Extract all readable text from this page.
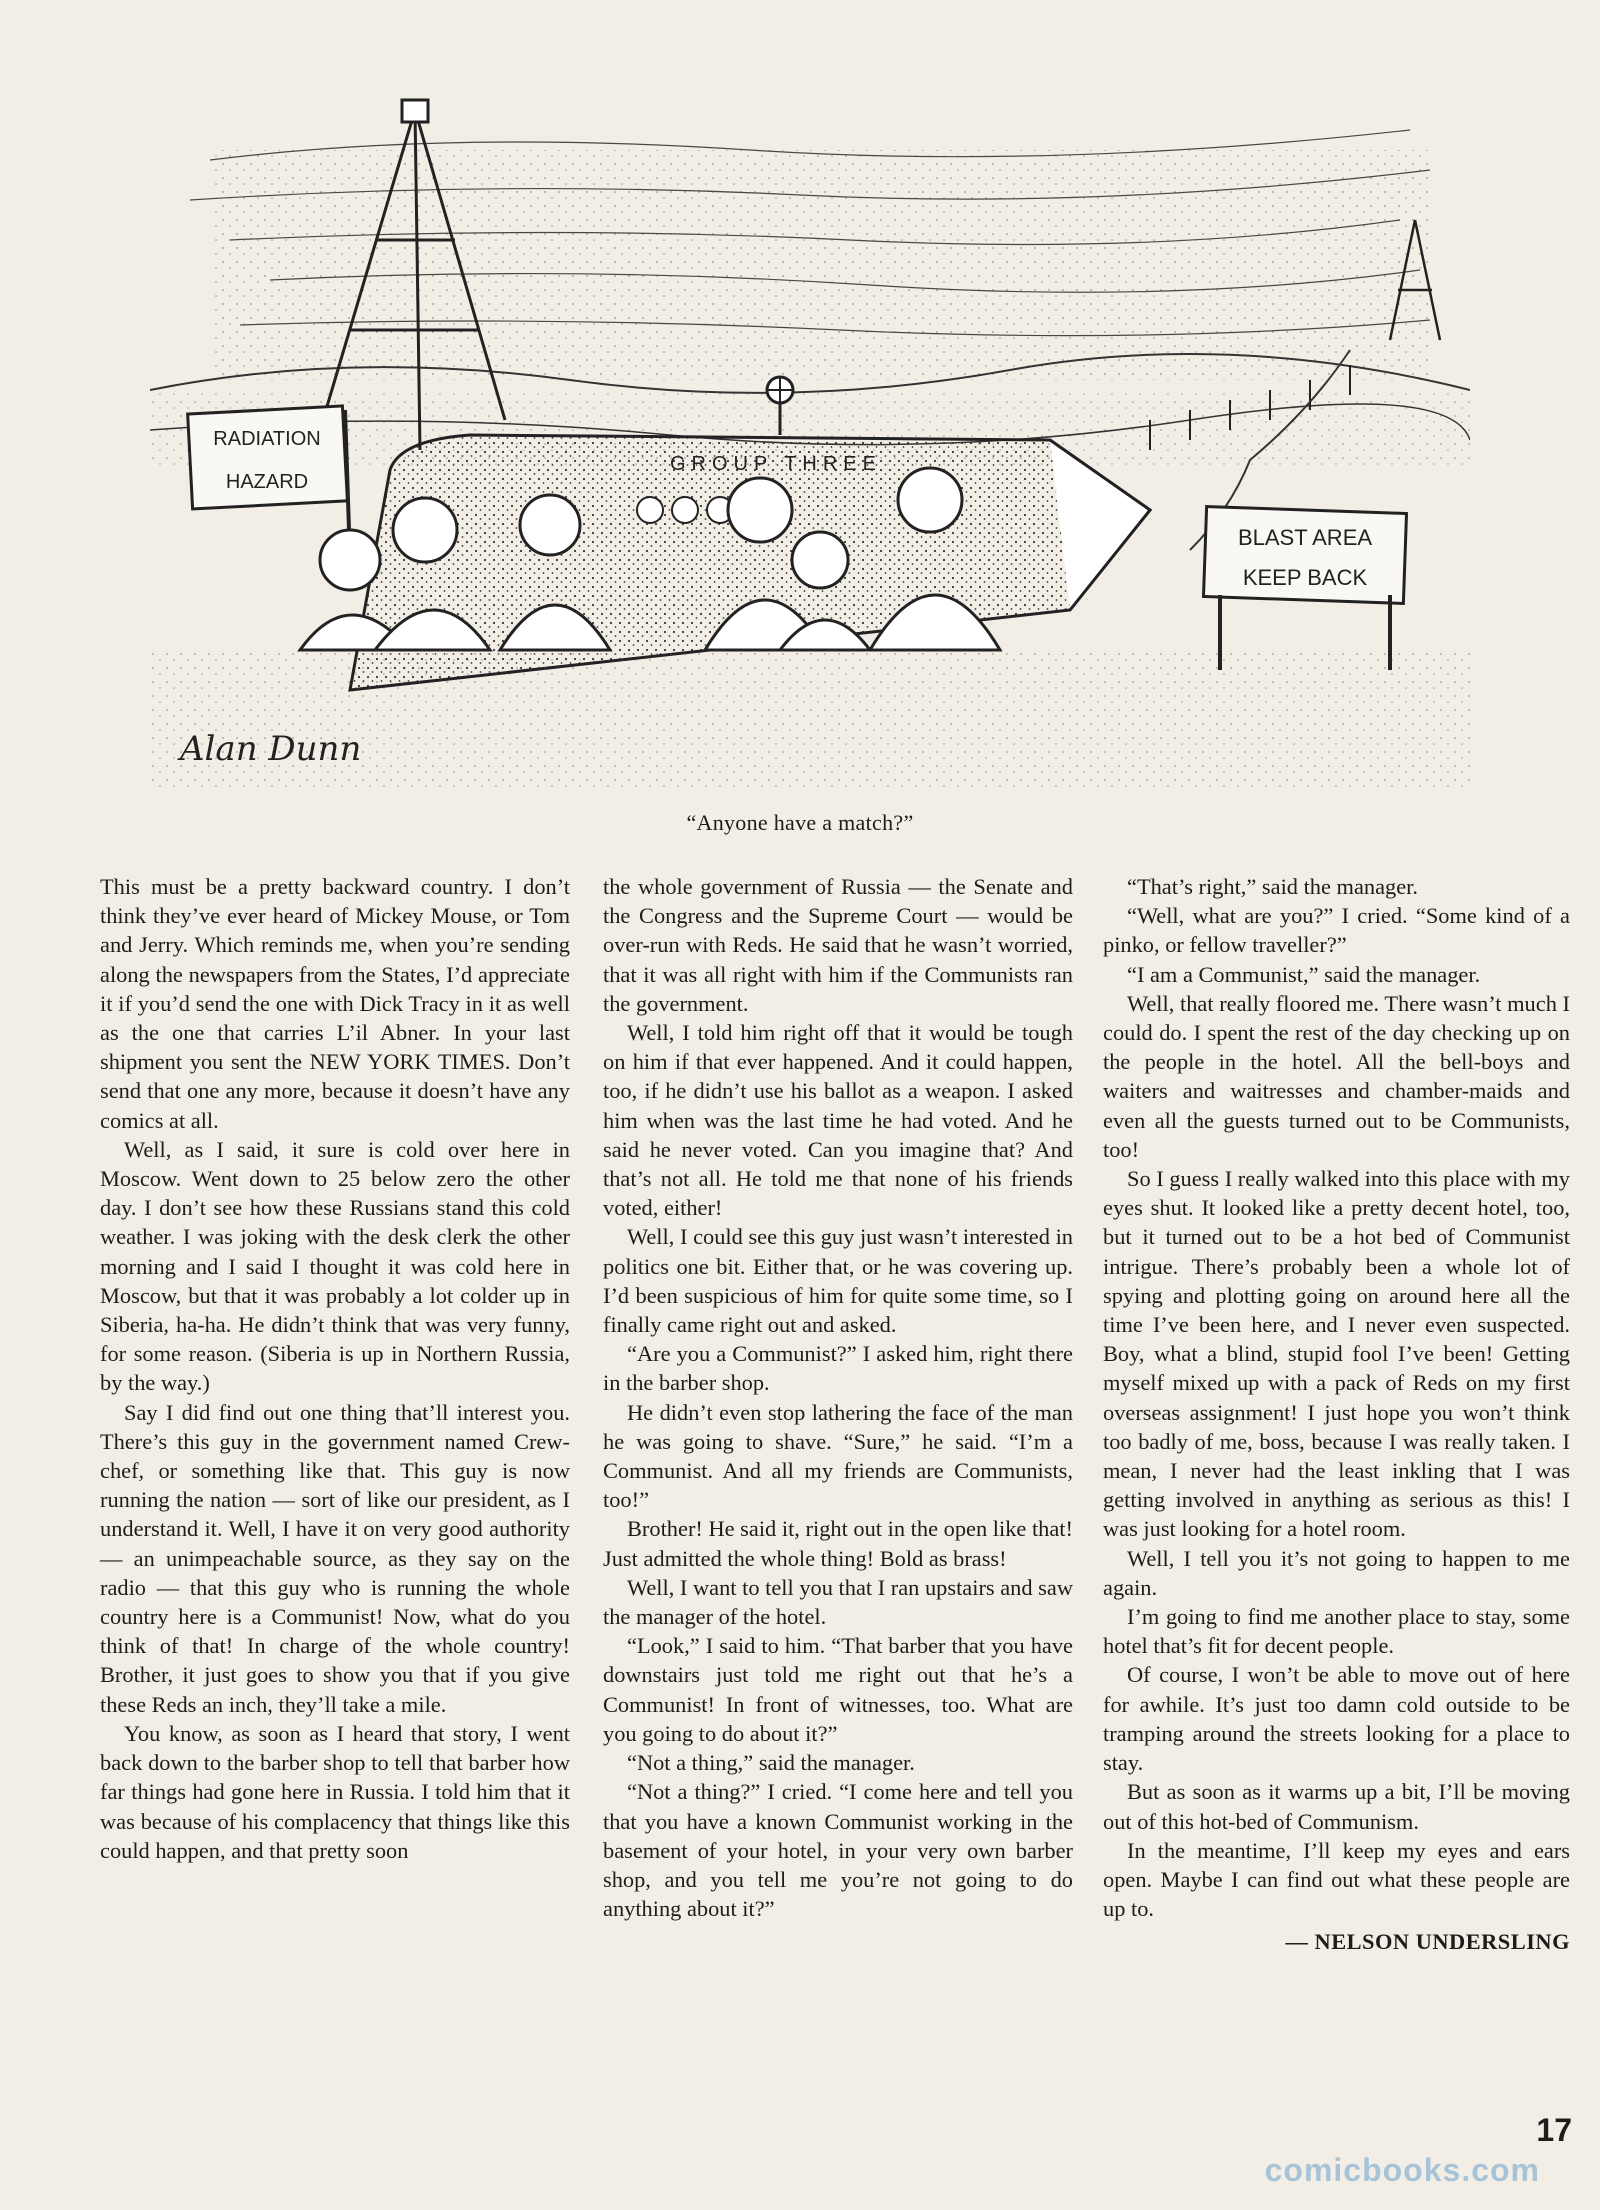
RADIATION
HAZARD
GROUP THREE
BLAST AREA
KEEP BACK
Alan Dunn
“Anyone have a match?”

This must be a pretty backward country. I don’t think they’ve ever heard of Mickey Mouse, or Tom and Jerry. Which reminds me, when you’re sending along the newspapers from the States, I’d appreciate it if you’d send the one with Dick Tracy in it as well as the one that carries L’il Abner. In your last shipment you sent the NEW YORK TIMES. Don’t send that one any more, because it doesn’t have any comics at all.

Well, as I said, it sure is cold over here in Moscow. Went down to 25 below zero the other day. I don’t see how these Russians stand this cold weather. I was joking with the desk clerk the other morning and I said I thought it was cold here in Moscow, but that it was probably a lot colder up in Siberia, ha-ha. He didn’t think that was very funny, for some reason. (Siberia is up in Northern Russia, by the way.)

Say I did find out one thing that’ll interest you. There’s this guy in the government named Crew-chef, or something like that. This guy is now running the nation — sort of like our president, as I understand it. Well, I have it on very good authority — an unimpeachable source, as they say on the radio — that this guy who is running the whole country here is a Communist! Now, what do you think of that! In charge of the whole country! Brother, it just goes to show you that if you give these Reds an inch, they’ll take a mile.

You know, as soon as I heard that story, I went back down to the barber shop to tell that barber how far things had gone here in Russia. I told him that it was because of his complacency that things like this could happen, and that pretty soon

the whole government of Russia — the Senate and the Congress and the Supreme Court — would be over-run with Reds. He said that he wasn’t worried, that it was all right with him if the Communists ran the government.

Well, I told him right off that it would be tough on him if that ever happened. And it could happen, too, if he didn’t use his ballot as a weapon. I asked him when was the last time he had voted. And he said he never voted. Can you imagine that? And that’s not all. He told me that none of his friends voted, either!

Well, I could see this guy just wasn’t interested in politics one bit. Either that, or he was covering up. I’d been suspicious of him for quite some time, so I finally came right out and asked.

“Are you a Communist?” I asked him, right there in the barber shop.

He didn’t even stop lathering the face of the man he was going to shave. “Sure,” he said. “I’m a Communist. And all my friends are Communists, too!”

Brother! He said it, right out in the open like that! Just admitted the whole thing! Bold as brass!

Well, I want to tell you that I ran upstairs and saw the manager of the hotel.

“Look,” I said to him. “That barber that you have downstairs just told me right out that he’s a Communist! In front of witnesses, too. What are you going to do about it?”

“Not a thing,” said the manager.

“Not a thing?” I cried. “I come here and tell you that you have a known Communist working in the basement of your hotel, in your very own barber shop, and you tell me you’re not going to do anything about it?”

“That’s right,” said the manager.

“Well, what are you?” I cried. “Some kind of a pinko, or fellow traveller?”

“I am a Communist,” said the manager.

Well, that really floored me. There wasn’t much I could do. I spent the rest of the day checking up on the people in the hotel. All the bell-boys and waiters and waitresses and chamber-maids and even all the guests turned out to be Communists, too!

So I guess I really walked into this place with my eyes shut. It looked like a pretty decent hotel, too, but it turned out to be a hot bed of Communist intrigue. There’s probably been a whole lot of spying and plotting going on around here all the time I’ve been here, and I never even suspected. Boy, what a blind, stupid fool I’ve been! Getting myself mixed up with a pack of Reds on my first overseas assignment! I just hope you won’t think too badly of me, boss, because I was really taken. I mean, I never had the least inkling that I was getting involved in anything as serious as this! I was just looking for a hotel room.

Well, I tell you it’s not going to happen to me again.

I’m going to find me another place to stay, some hotel that’s fit for decent people.

Of course, I won’t be able to move out of here for awhile. It’s just too damn cold outside to be tramping around the streets looking for a place to stay.

But as soon as it warms up a bit, I’ll be moving out of this hot-bed of Communism.

In the meantime, I’ll keep my eyes and ears open. Maybe I can find out what these people are up to.

— NELSON UNDERSLING

17
comicbooks.com
